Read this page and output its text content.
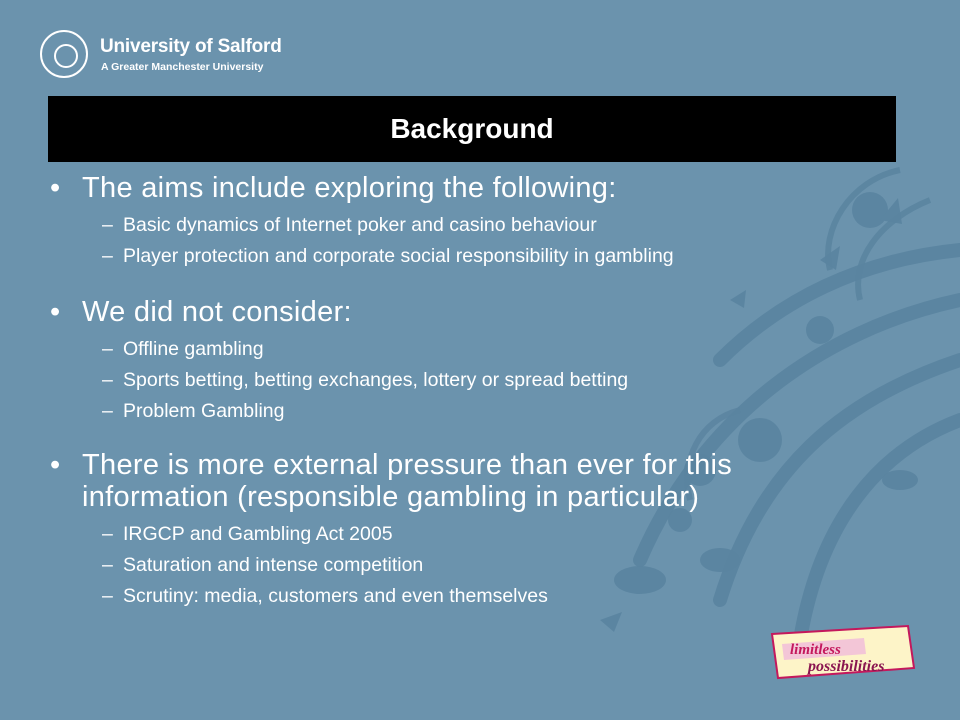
University of Salford
A Greater Manchester University
Background
• The aims include exploring the following:
– Basic dynamics of Internet poker and casino behaviour
– Player protection and corporate social responsibility in gambling
• We did not consider:
– Offline gambling
– Sports betting, betting exchanges, lottery or spread betting
– Problem Gambling
• There is more external pressure than ever for this information (responsible gambling in particular)
– IRGCP and Gambling Act 2005
– Saturation and intense competition
– Scrutiny: media, customers and even themselves
limitless
possibilities
